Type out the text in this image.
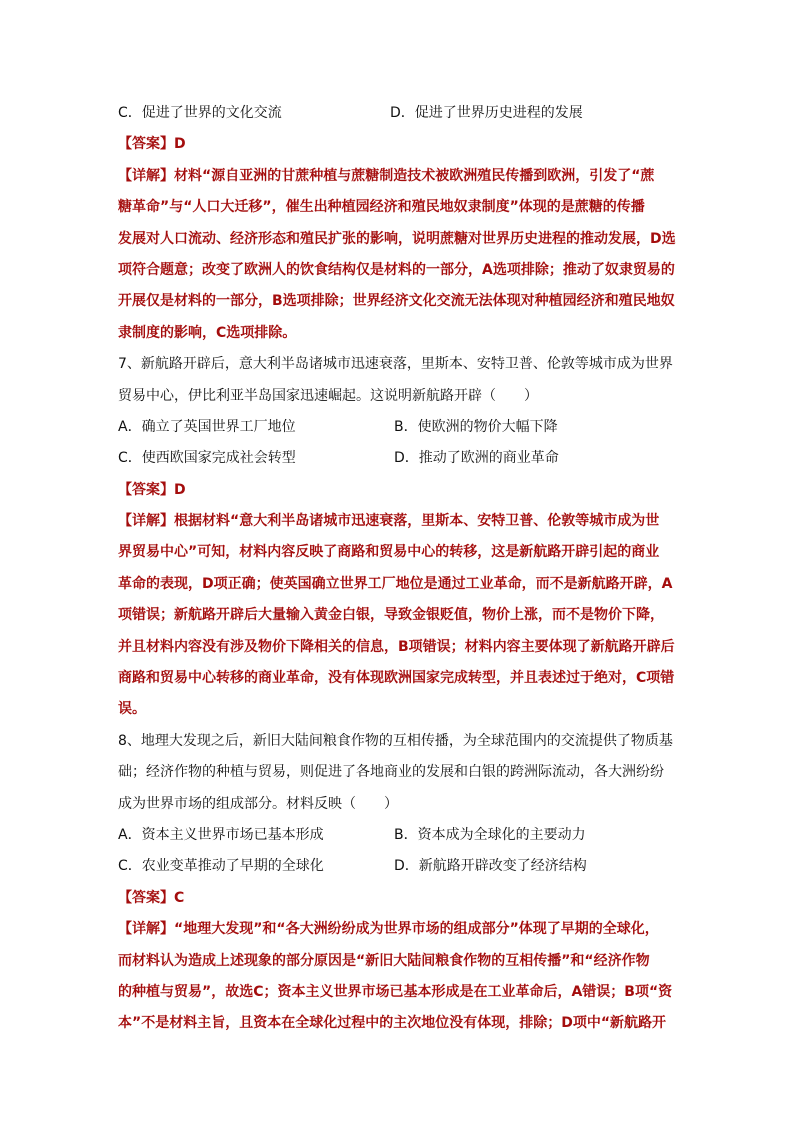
C．促进了世界的文化交流	D．促进了世界历史进程的发展
【答案】D
【详解】材料“源自亚洲的甘蔗种植与蔗糖制造技术被欧洲殖民传播到欧洲，引发了“蔗
糖革命”与“人口大迁移”，催生出种植园经济和殖民地奴隶制度”体现的是蔗糖的传播
发展对人口流动、经济形态和殖民扩张的影响，说明蔗糖对世界历史进程的推动发展，D选
项符合题意；改变了欧洲人的饮食结构仅是材料的一部分，A选项排除；推动了奴隶贸易的
开展仅是材料的一部分，B选项排除；世界经济文化交流无法体现对种植园经济和殖民地奴
隶制度的影响，C选项排除。
7、新航路开辟后，意大利半岛诸城市迅速衰落，里斯本、安特卫普、伦敦等城市成为世界
贸易中心，伊比利亚半岛国家迅速崛起。这说明新航路开辟（　　）
A．确立了英国世界工厂地位	B．使欧洲的物价大幅下降
C．使西欧国家完成社会转型	D．推动了欧洲的商业革命
【答案】D
【详解】根据材料“意大利半岛诸城市迅速衰落，里斯本、安特卫普、伦敦等城市成为世
界贸易中心”可知，材料内容反映了商路和贸易中心的转移，这是新航路开辟引起的商业
革命的表现，D项正确；使英国确立世界工厂地位是通过工业革命，而不是新航路开辟，A
项错误；新航路开辟后大量输入黄金白银，导致金银贬值，物价上涨，而不是物价下降，
并且材料内容没有涉及物价下降相关的信息，B项错误；材料内容主要体现了新航路开辟后
商路和贸易中心转移的商业革命，没有体现欧洲国家完成转型，并且表述过于绝对，C项错
误。
8、地理大发现之后，新旧大陆间粮食作物的互相传播，为全球范围内的交流提供了物质基
础；经济作物的种植与贸易，则促进了各地商业的发展和白银的跨洲际流动，各大洲纷纷
成为世界市场的组成部分。材料反映（　　）
A．资本主义世界市场已基本形成	B．资本成为全球化的主要动力
C．农业变革推动了早期的全球化	D．新航路开辟改变了经济结构
【答案】C
【详解】“地理大发现”和“各大洲纷纷成为世界市场的组成部分”体现了早期的全球化，
而材料认为造成上述现象的部分原因是“新旧大陆间粮食作物的互相传播”和“经济作物
的种植与贸易”，故选C；资本主义世界市场已基本形成是在工业革命后，A错误；B项“资
本”不是材料主旨，且资本在全球化过程中的主次地位没有体现，排除；D项中“新航路开
